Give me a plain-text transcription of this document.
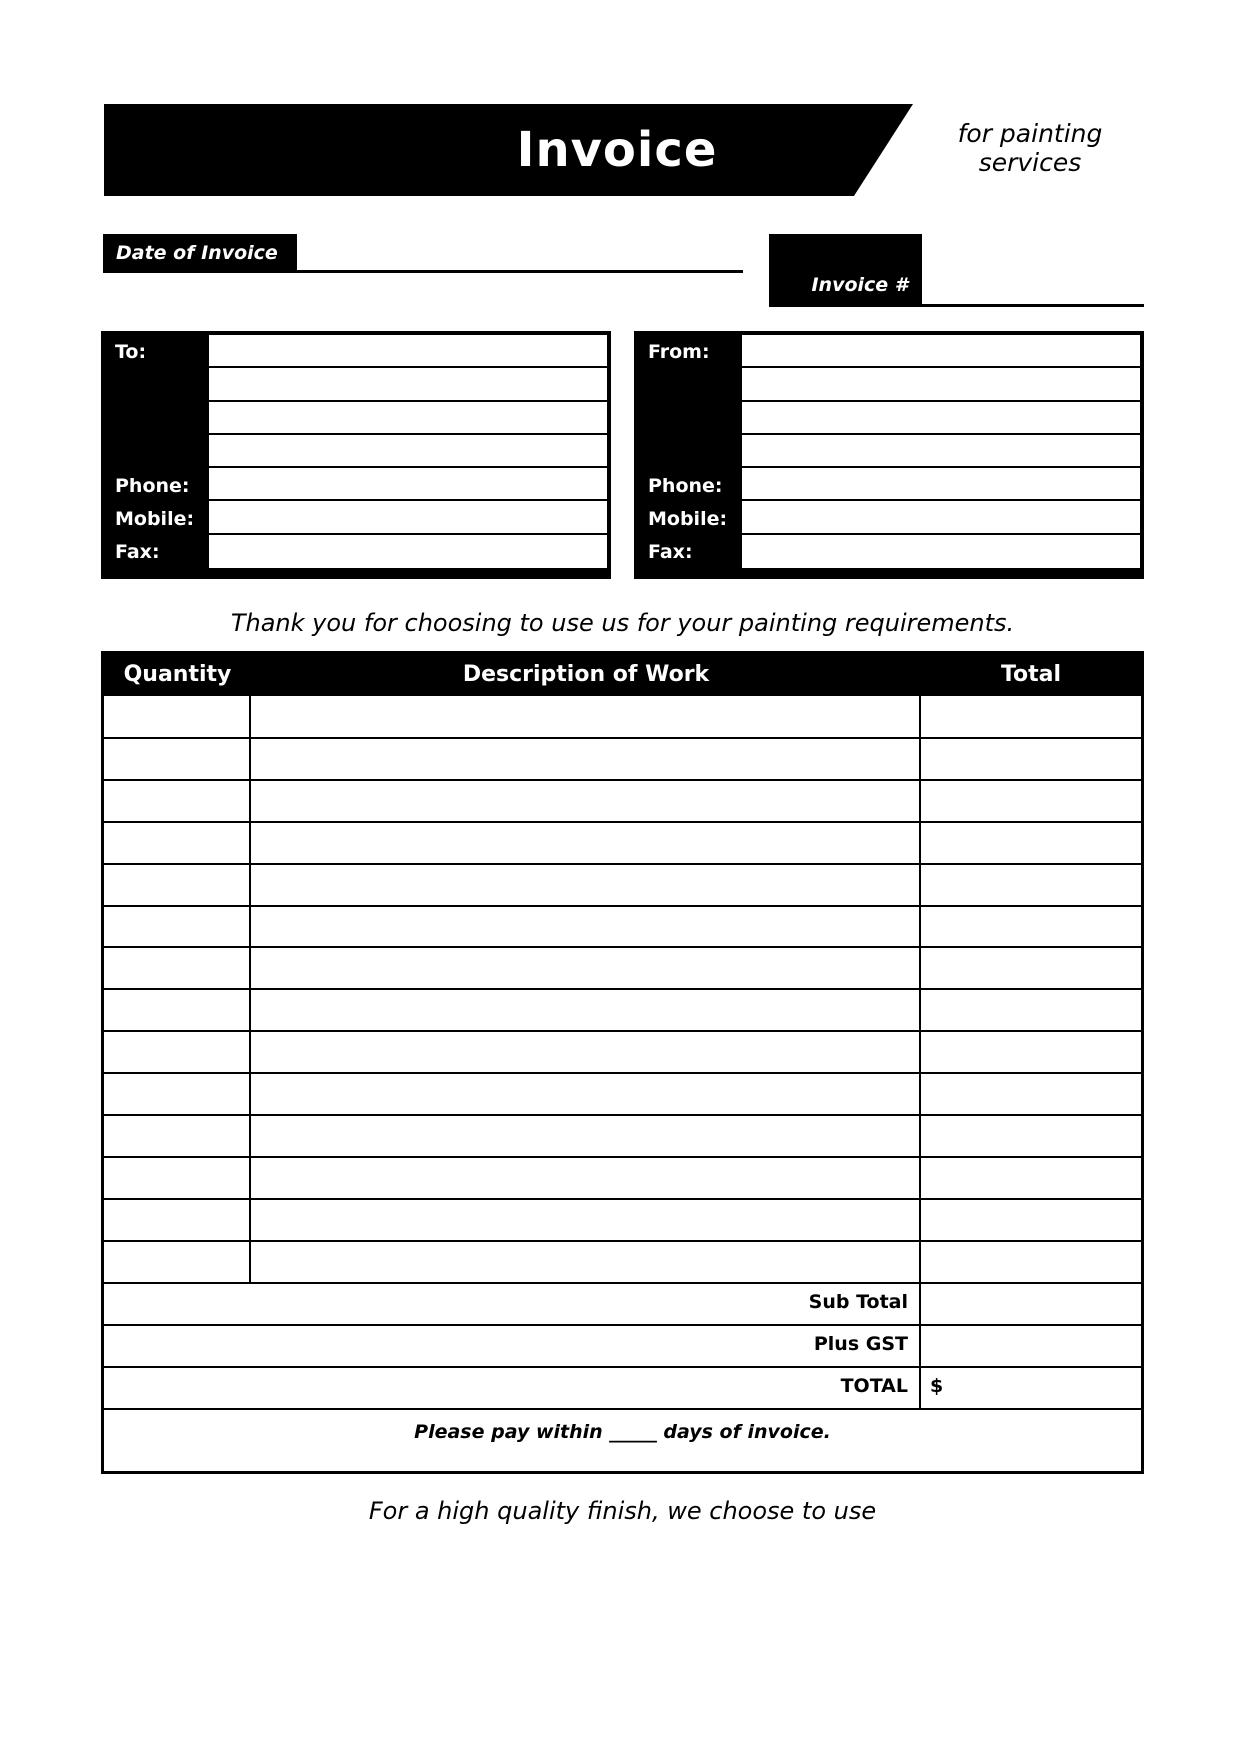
Invoice	for painting
services
Date of Invoice
Invoice #
To:
Phone:
Mobile:
Fax:
From:
Phone:
Mobile:
Fax:
Thank you for choosing to use us for your painting requirements.
Quantity	Description of Work	Total
Sub Total
Plus GST
TOTAL $
Please pay within _____ days of invoice.
For a high quality finish, we choose to use
